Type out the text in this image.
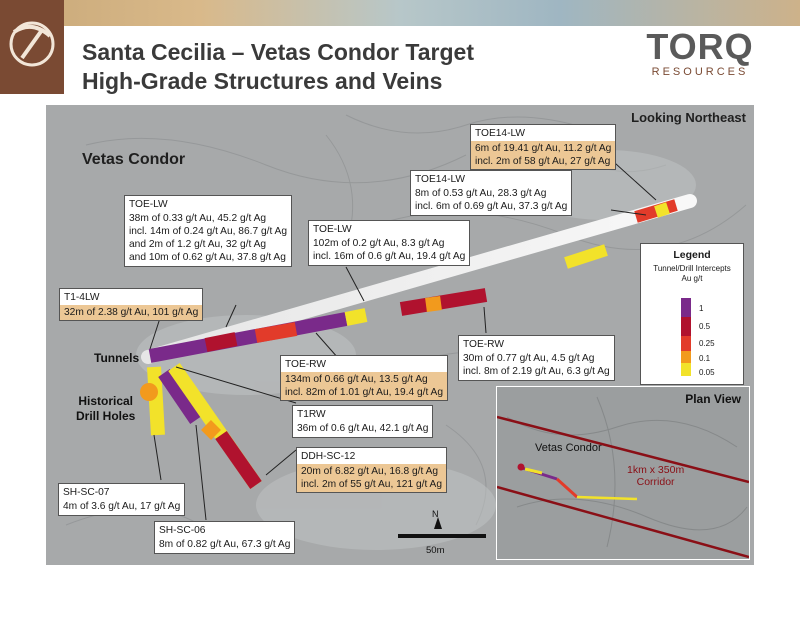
Santa Cecilia – Vetas Condor Target
High-Grade Structures and Veins
TORQ
RESOURCES
Looking Northeast
Vetas Condor
Tunnels
Historical
Drill Holes
N
50m
TOE14-LW
6m of 19.41 g/t Au, 11.2 g/t Ag
incl. 2m of 58 g/t Au, 27 g/t Ag
TOE14-LW
8m of 0.53 g/t Au, 28.3 g/t Ag
incl. 6m of 0.69 g/t Au, 37.3 g/t Ag
TOE-LW
38m of 0.33 g/t Au, 45.2 g/t Ag
incl. 14m of 0.24 g/t Au, 86.7 g/t Ag
and 2m of 1.2 g/t Au, 32 g/t Ag
and 10m of 0.62 g/t Au, 37.8 g/t Ag
TOE-LW
102m of 0.2 g/t Au, 8.3 g/t Ag
incl. 16m of 0.6 g/t Au, 19.4 g/t Ag
T1-4LW
32m of 2.38 g/t Au, 101 g/t Ag
TOE-RW
30m of 0.77 g/t Au, 4.5 g/t Ag
incl. 8m of 2.19 g/t Au, 6.3 g/t Ag
TOE-RW
134m of 0.66 g/t Au, 13.5 g/t Ag
incl. 82m of 1.01 g/t Au, 19.4 g/t Ag
T1RW
36m of 0.6 g/t Au, 42.1 g/t Ag
DDH-SC-12
20m of 6.82 g/t Au, 16.8 g/t Ag
incl. 2m of 55 g/t Au, 121 g/t Ag
SH-SC-07
4m of 3.6 g/t Au, 17 g/t Ag
SH-SC-06
8m of 0.82 g/t Au, 67.3 g/t Ag
Legend
Tunnel/Drill Intercepts
Au g/t
1
0.5
0.25
0.1
0.05
Plan View
Vetas Condor
1km x 350m
Corridor
